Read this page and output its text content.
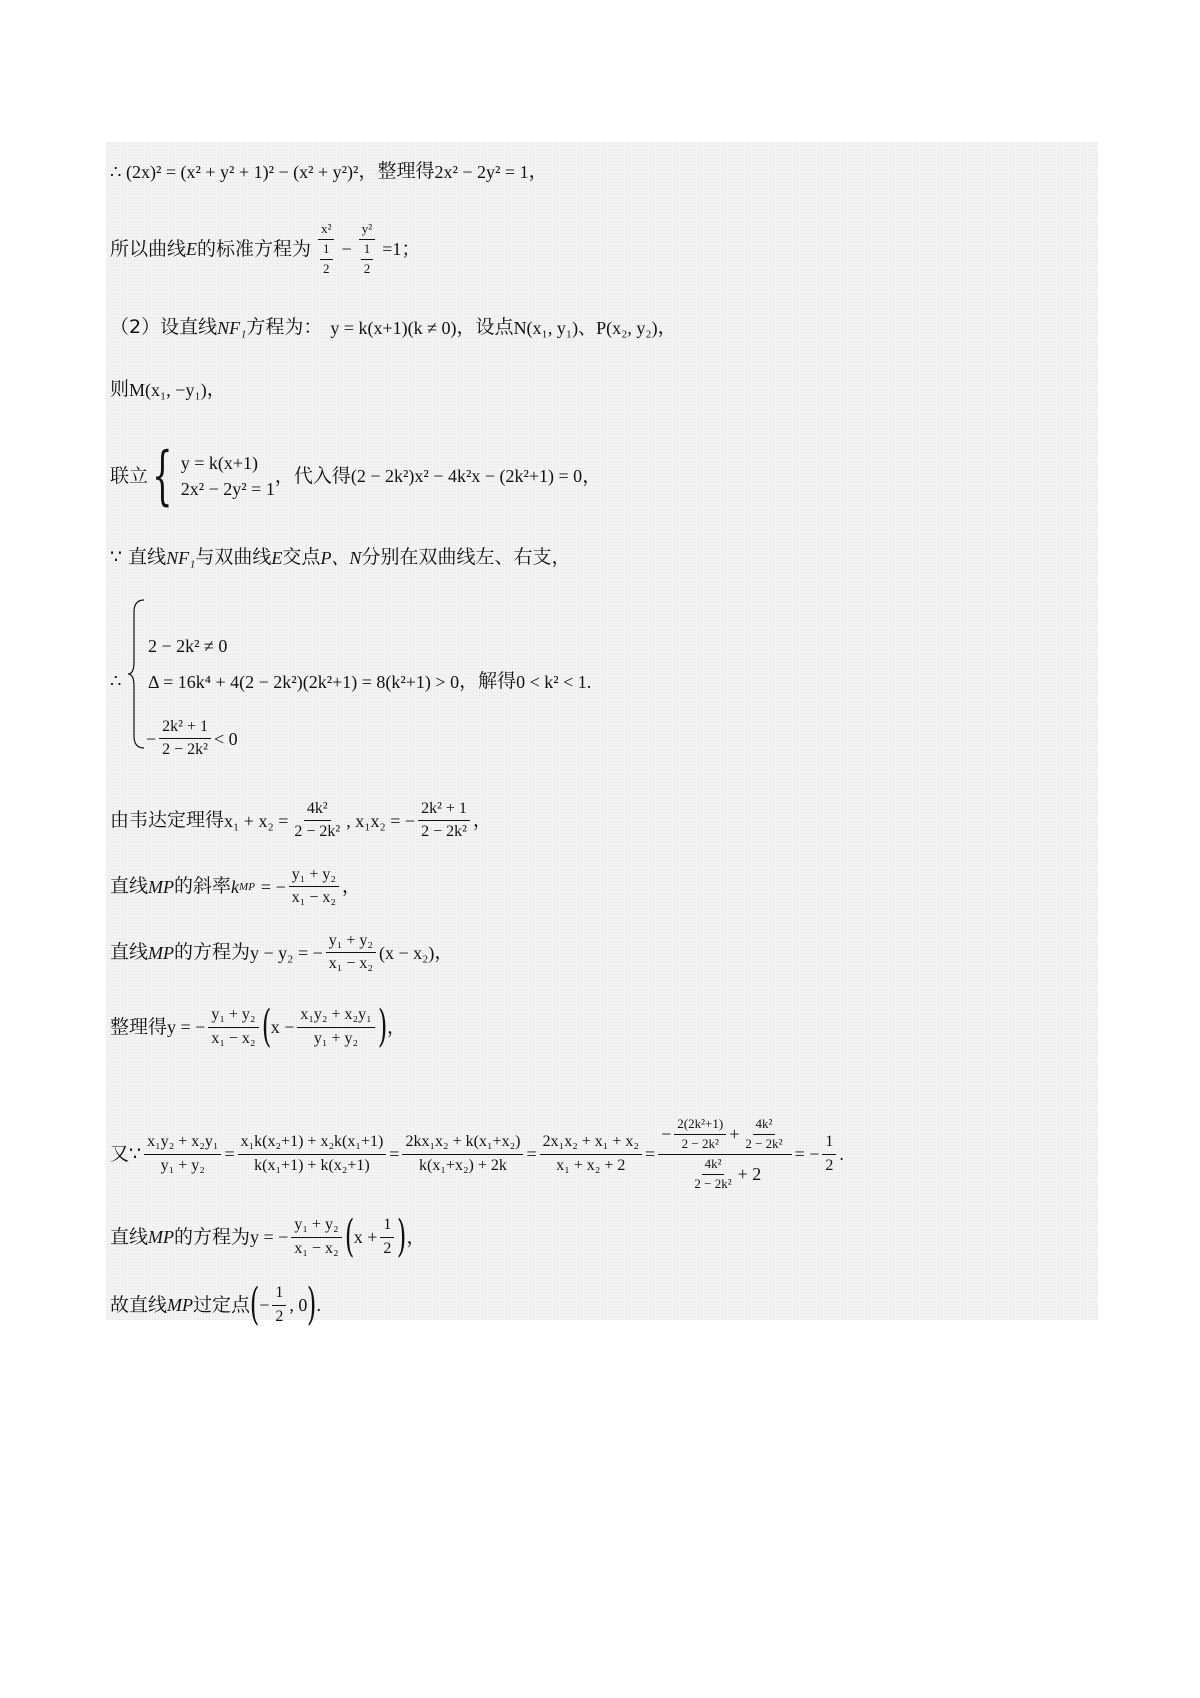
∴ (2x)² = (x² + y² + 1)² − (x² + y²)² ，整理得 2x² − 2y² = 1 ，
所以曲线 E 的标准方程为 $\frac{\text{x²}}{\frac{1}{2}} - \frac{\text{y²}}{\frac{1}{2}} = 1$ ；
（2）设直线 NF₁ 方程为： y = k(x+1)(k ≠ 0) ，设点 N(x₁, y₁)、P(x₂, y₂) ，
则 M(x₁, −y₁) ，
联立 { y = k(x+1)
2x² − 2y² = 1
，代入得 (2 − 2k²)x² − 4k²x − (2k²+1) = 0 ，
∵ 直线 NF₁ 与双曲线 E 交点 P、N 分别在双曲线左、右支，
∴
2 − 2k² ≠ 0
Δ = 16k⁴ + 4(2 − 2k²)(2k²+1) = 8(k²+1) > 0 ，解得 0 < k² < 1.
− $\frac{\text{2k² + 1}}{\text{2 − 2k²}} < 0$
由韦达定理得 $x_1 + x_2 = \frac{\text{4k²}}{\text{2 − 2k²}}$ , x₁x₂ = − $\frac{\text{2k² + 1}}{\text{2 − 2k²}}$ ，
直线 MP 的斜率 k MP = − $\frac{\text{y₁ + y₂}}{\text{x₁ − x₂}}$ ，
直线 MP 的方程为 y − y₂ = − $\frac{\text{y₁ + y₂}}{\text{x₁ − x₂}} (x - x_2)$ ，
整理得 y = − $\frac{\text{y₁ + y₂}}{\text{x₁ − x₂}}$ ( $x - \frac{\text{x₁y₂ + x₂y₁}}{\text{y₁ + y₂}}$ ) ，
又∵ $\frac{\text{x₁y₂ + x₂y₁}}{\text{y₁ + y₂}} = \frac{\text{x₁k(x₂+1) + x₂k(x₁+1)}}{\text{k(x₁+1) + k(x₂+1)}} = \frac{\text{2kx₁x₂ + k(x₁+x₂)}}{\text{k(x₁+x₂) + 2k}} = \frac{\text{2x₁x₂ + x₁ + x₂}}{\text{x₁ + x₂ + 2}}$ =
− $\frac{\text{2(2k²+1)}}{\text{2 − 2k²}} + \frac{\text{4k²}}{\text{2 − 2k²}}$
$\frac{\text{4k²}}{\text{2 − 2k²}} + 2$
= − $\frac{1}{2}$ .
直线 MP 的方程为 y = − $\frac{\text{y₁ + y₂}}{\text{x₁ − x₂}}$ ( $x + \frac{1}{2}$ ) ，
故直线 MP 过定点 ( − $\frac{1}{2}$ , 0 ) .
